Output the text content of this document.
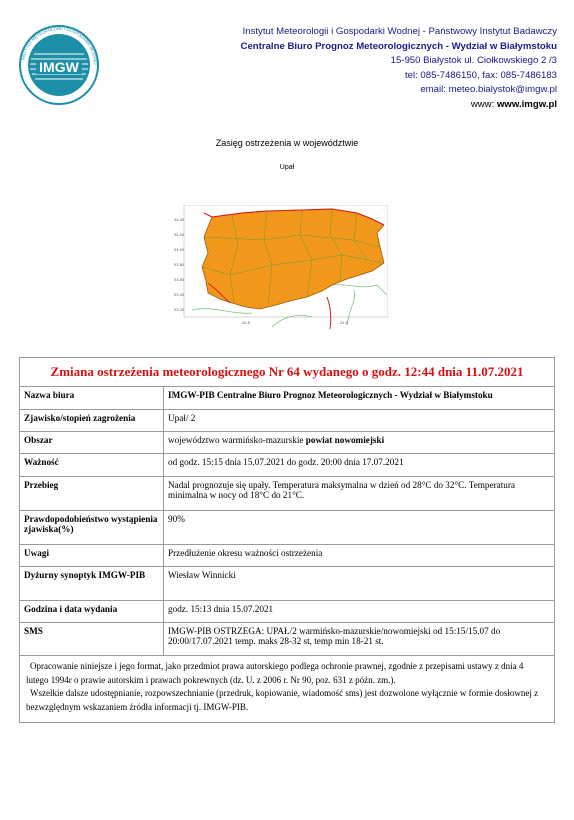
IMGW
INSTYTUT METEOROLOGII I GOSPODARKI WODNEJ
Instytut Meteorologii i Gospodarki Wodnej - Państwowy Instytut Badawczy
Centralne Biuro Prognoz Meteorologicznych - Wydział w Białymstoku
15-950 Białystok ul. Ciołkowskiego 2 /3
tel: 085-7486150, fax: 085-7486183
email: meteo.bialystok@imgw.pl
www: www.imgw.pl
Zasięg ostrzeżenia w województwie
Upał
54.40
54.20
54.00
53.80
53.60
53.40
53.20
20.0	22.0
Zmiana ostrzeżenia meteorologicznego Nr 64 wydanego o godz. 12:44 dnia 11.07.2021	
Nazwa biura	IMGW-PIB Centralne Biuro Prognoz Meteorologicznych - Wydział w Białymstoku
Zjawisko/stopień zagrożenia	Upał/ 2
Obszar	województwo warmińsko-mazurskie powiat nowomiejski
Ważność	od godz. 15:15 dnia 15.07.2021 do godz. 20:00 dnia 17.07.2021
Przebieg	Nadal prognozuje się upały. Temperatura maksymalna w dzień od 28°C do 32°C. Temperatura minimalna w nocy od 18°C do 21°C.
Prawdopodobieństwo wystąpienia zjawiska(%)	90%
Uwagi	Przedłużenie okresu ważności ostrzeżenia
Dyżurny synoptyk IMGW-PIB	Wiesław Winnicki
Godzina i data wydania	godz. 15:13 dnia 15.07.2021
SMS	IMGW-PIB OSTRZEGA: UPAŁ/2 warmińsko-mazurskie/nowomiejski od 15:15/15.07 do 20:00/17.07.2021 temp. maks 28-32 st, temp min 18-21 st.

Opracowanie niniejsze i jego format, jako przedmiot prawa autorskiego podlega ochronie prawnej, zgodnie z przepisami ustawy z dnia 4 lutego 1994r o prawie autorskim i prawach pokrewnych (dz. U. z 2006 r. Nr 90, poz. 631 z późn. zm.).
Wszelkie dalsze udostępnianie, rozpowszechnianie (przedruk, kopiowanie, wiadomość sms) jest dozwolone wyłącznie w formie dosłownej z bezwzględnym wskazaniem źródła informacji tj. IMGW-PIB.	
